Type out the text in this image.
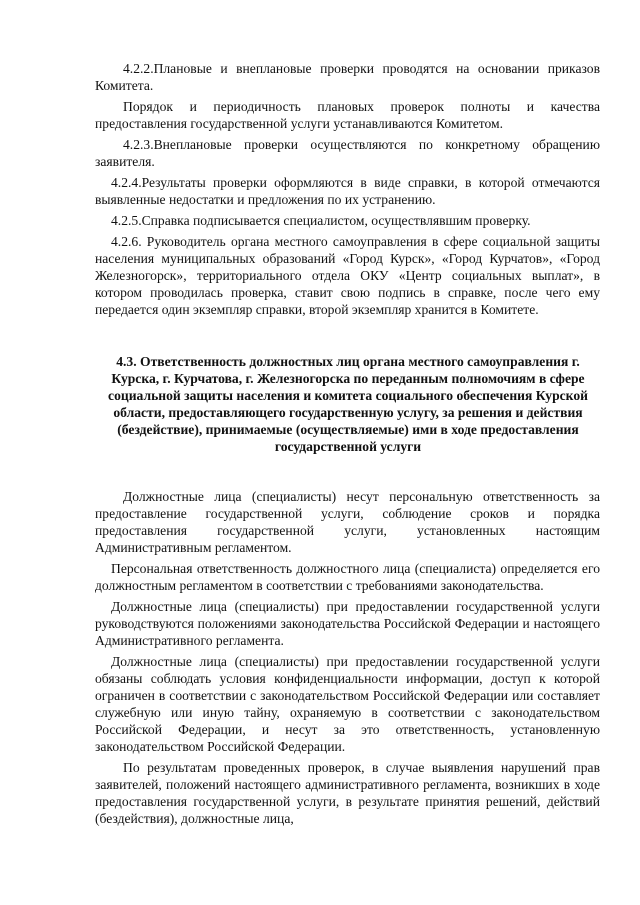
4.2.2.Плановые и внеплановые проверки проводятся на основании приказов Комитета.

Порядок и периодичность плановых проверок полноты и качества предоставления государственной услуги устанавливаются Комитетом.

4.2.3.Внеплановые проверки осуществляются по конкретному обращению заявителя.

4.2.4.Результаты проверки оформляются в виде справки, в которой отмечаются выявленные недостатки и предложения по их устранению.

4.2.5.Справка подписывается специалистом, осуществлявшим проверку.

4.2.6. Руководитель органа местного самоуправления в сфере социальной защиты населения муниципальных образований «Город Курск», «Город Курчатов», «Город Железногорск», территориального отдела ОКУ «Центр социальных выплат», в котором проводилась проверка, ставит свою подпись в справке, после чего ему передается один экземпляр справки, второй экземпляр хранится в Комитете.

4.3. Ответственность должностных лиц органа местного самоуправления г. Курска, г. Курчатова, г. Железногорска по переданным полномочиям в сфере социальной защиты населения и комитета социального обеспечения Курской области, предоставляющего государственную услугу, за решения и действия (бездействие), принимаемые (осуществляемые) ими в ходе предоставления государственной услуги

Должностные лица (специалисты) несут персональную ответственность за предоставление государственной услуги, соблюдение сроков и порядка предоставления государственной услуги, установленных настоящим Административным регламентом.

Персональная ответственность должностного лица (специалиста) определяется его должностным регламентом в соответствии с требованиями законодательства.

Должностные лица (специалисты) при предоставлении государственной услуги руководствуются положениями законодательства Российской Федерации и настоящего Административного регламента.

Должностные лица (специалисты) при предоставлении государственной услуги обязаны соблюдать условия конфиденциальности информации, доступ к которой ограничен в соответствии с законодательством Российской Федерации или составляет служебную или иную тайну, охраняемую в соответствии с законодательством Российской Федерации, и несут за это ответственность, установленную законодательством Российской Федерации.

По результатам проведенных проверок, в случае выявления нарушений прав заявителей, положений настоящего административного регламента, возникших в ходе предоставления государственной услуги, в результате принятия решений, действий (бездействия), должностные лица,
